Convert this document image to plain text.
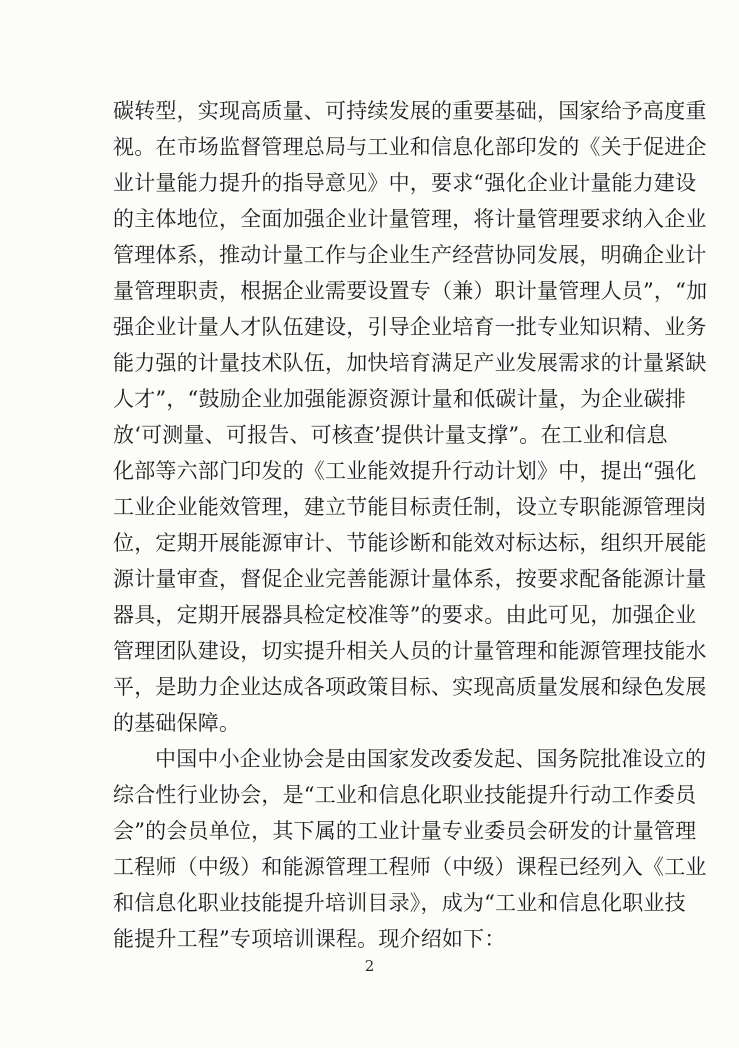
碳转型，实现高质量、可持续发展的重要基础，国家给予高度重

视。在市场监督管理总局与工业和信息化部印发的《关于促进企

业计量能力提升的指导意见》中，要求“强化企业计量能力建设

的主体地位，全面加强企业计量管理，将计量管理要求纳入企业

管理体系，推动计量工作与企业生产经营协同发展，明确企业计

量管理职责，根据企业需要设置专（兼）职计量管理人员”，“加

强企业计量人才队伍建设，引导企业培育一批专业知识精、业务

能力强的计量技术队伍，加快培育满足产业发展需求的计量紧缺

人才”，“鼓励企业加强能源资源计量和低碳计量，为企业碳排

放‘可测量、可报告、可核查’提供计量支撑”。在工业和信息

化部等六部门印发的《工业能效提升行动计划》中，提出“强化

工业企业能效管理，建立节能目标责任制，设立专职能源管理岗

位，定期开展能源审计、节能诊断和能效对标达标，组织开展能

源计量审查，督促企业完善能源计量体系，按要求配备能源计量

器具，定期开展器具检定校准等”的要求。由此可见，加强企业

管理团队建设，切实提升相关人员的计量管理和能源管理技能水

平，是助力企业达成各项政策目标、实现高质量发展和绿色发展

的基础保障。

中国中小企业协会是由国家发改委发起、国务院批准设立的

综合性行业协会，是“工业和信息化职业技能提升行动工作委员

会”的会员单位，其下属的工业计量专业委员会研发的计量管理

工程师（中级）和能源管理工程师（中级）课程已经列入《工业

和信息化职业技能提升培训目录》，成为“工业和信息化职业技

能提升工程”专项培训课程。现介绍如下：

2
